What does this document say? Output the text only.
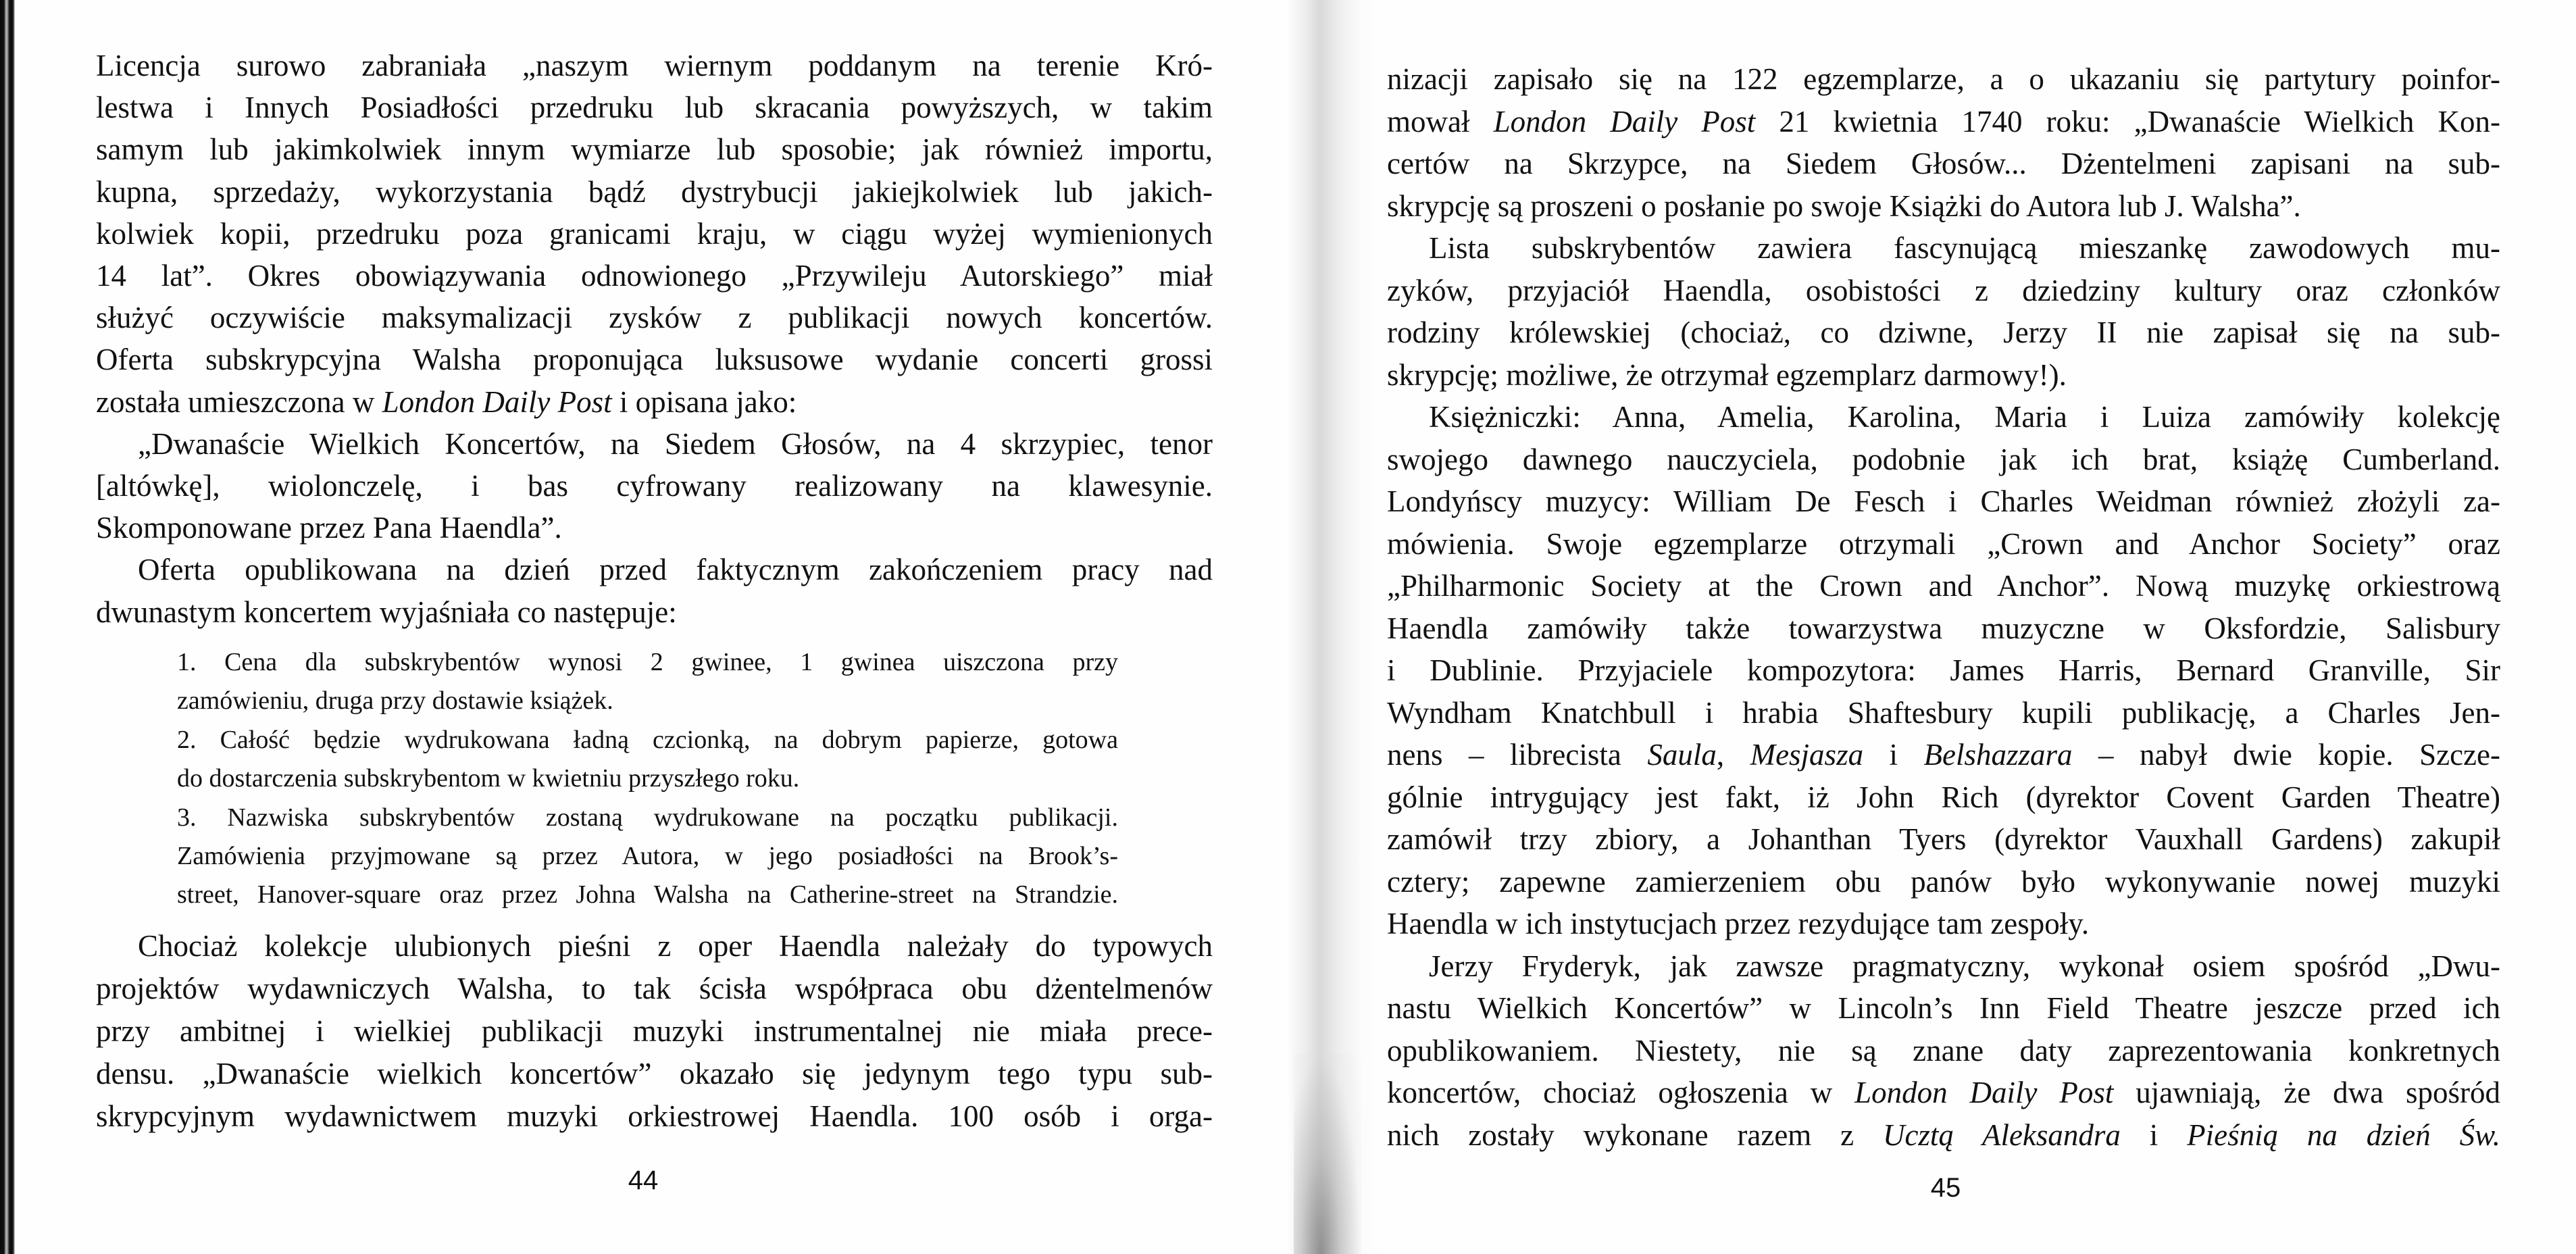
Licencja surowo zabraniała „naszym wiernym poddanym na terenie Kró-
lestwa i Innych Posiadłości przedruku lub skracania powyższych, w takim
samym lub jakimkolwiek innym wymiarze lub sposobie; jak również importu,
kupna, sprzedaży, wykorzystania bądź dystrybucji jakiejkolwiek lub jakich-
kolwiek kopii, przedruku poza granicami kraju, w ciągu wyżej wymienionych
14 lat”. Okres obowiązywania odnowionego „Przywileju Autorskiego” miał
służyć oczywiście maksymalizacji zysków z publikacji nowych koncertów.
Oferta subskrypcyjna Walsha proponująca luksusowe wydanie concerti grossi
została umieszczona w London Daily Post i opisana jako:
„Dwanaście Wielkich Koncertów, na Siedem Głosów, na 4 skrzypiec, tenor
[altówkę], wiolonczelę, i bas cyfrowany realizowany na klawesynie.
Skomponowane przez Pana Haendla”.
Oferta opublikowana na dzień przed faktycznym zakończeniem pracy nad
dwunastym koncertem wyjaśniała co następuje:
1. Cena dla subskrybentów wynosi 2 gwinee, 1 gwinea uiszczona przy
zamówieniu, druga przy dostawie książek.
2. Całość będzie wydrukowana ładną czcionką, na dobrym papierze, gotowa
do dostarczenia subskrybentom w kwietniu przyszłego roku.
3. Nazwiska subskrybentów zostaną wydrukowane na początku publikacji.
Zamówienia przyjmowane są przez Autora, w jego posiadłości na Brook’s-
street, Hanover-square oraz przez Johna Walsha na Catherine-street na Strandzie.
Chociaż kolekcje ulubionych pieśni z oper Haendla należały do typowych
projektów wydawniczych Walsha, to tak ścisła współpraca obu dżentelmenów
przy ambitnej i wielkiej publikacji muzyki instrumentalnej nie miała prece-
densu. „Dwanaście wielkich koncertów” okazało się jedynym tego typu sub-
skrypcyjnym wydawnictwem muzyki orkiestrowej Haendla. 100 osób i orga-
44
nizacji zapisało się na 122 egzemplarze, a o ukazaniu się partytury poinfor-
mował London Daily Post 21 kwietnia 1740 roku: „Dwanaście Wielkich Kon-
certów na Skrzypce, na Siedem Głosów... Dżentelmeni zapisani na sub-
skrypcję są proszeni o posłanie po swoje Książki do Autora lub J. Walsha”.
Lista subskrybentów zawiera fascynującą mieszankę zawodowych mu-
zyków, przyjaciół Haendla, osobistości z dziedziny kultury oraz członków
rodziny królewskiej (chociaż, co dziwne, Jerzy II nie zapisał się na sub-
skrypcję; możliwe, że otrzymał egzemplarz darmowy!).
Księżniczki: Anna, Amelia, Karolina, Maria i Luiza zamówiły kolekcję
swojego dawnego nauczyciela, podobnie jak ich brat, książę Cumberland.
Londyńscy muzycy: William De Fesch i Charles Weidman również złożyli za-
mówienia. Swoje egzemplarze otrzymali „Crown and Anchor Society” oraz
„Philharmonic Society at the Crown and Anchor”. Nową muzykę orkiestrową
Haendla zamówiły także towarzystwa muzyczne w Oksfordzie, Salisbury
i Dublinie. Przyjaciele kompozytora: James Harris, Bernard Granville, Sir
Wyndham Knatchbull i hrabia Shaftesbury kupili publikację, a Charles Jen-
nens – librecista Saula, Mesjasza i Belshazzara – nabył dwie kopie. Szcze-
gólnie intrygujący jest fakt, iż John Rich (dyrektor Covent Garden Theatre)
zamówił trzy zbiory, a Johanthan Tyers (dyrektor Vauxhall Gardens) zakupił
cztery; zapewne zamierzeniem obu panów było wykonywanie nowej muzyki
Haendla w ich instytucjach przez rezydujące tam zespoły.
Jerzy Fryderyk, jak zawsze pragmatyczny, wykonał osiem spośród „Dwu-
nastu Wielkich Koncertów” w Lincoln’s Inn Field Theatre jeszcze przed ich
opublikowaniem. Niestety, nie są znane daty zaprezentowania konkretnych
koncertów, chociaż ogłoszenia w London Daily Post ujawniają, że dwa spośród
nich zostały wykonane razem z Ucztą Aleksandra i Pieśnią na dzień Św.
45
